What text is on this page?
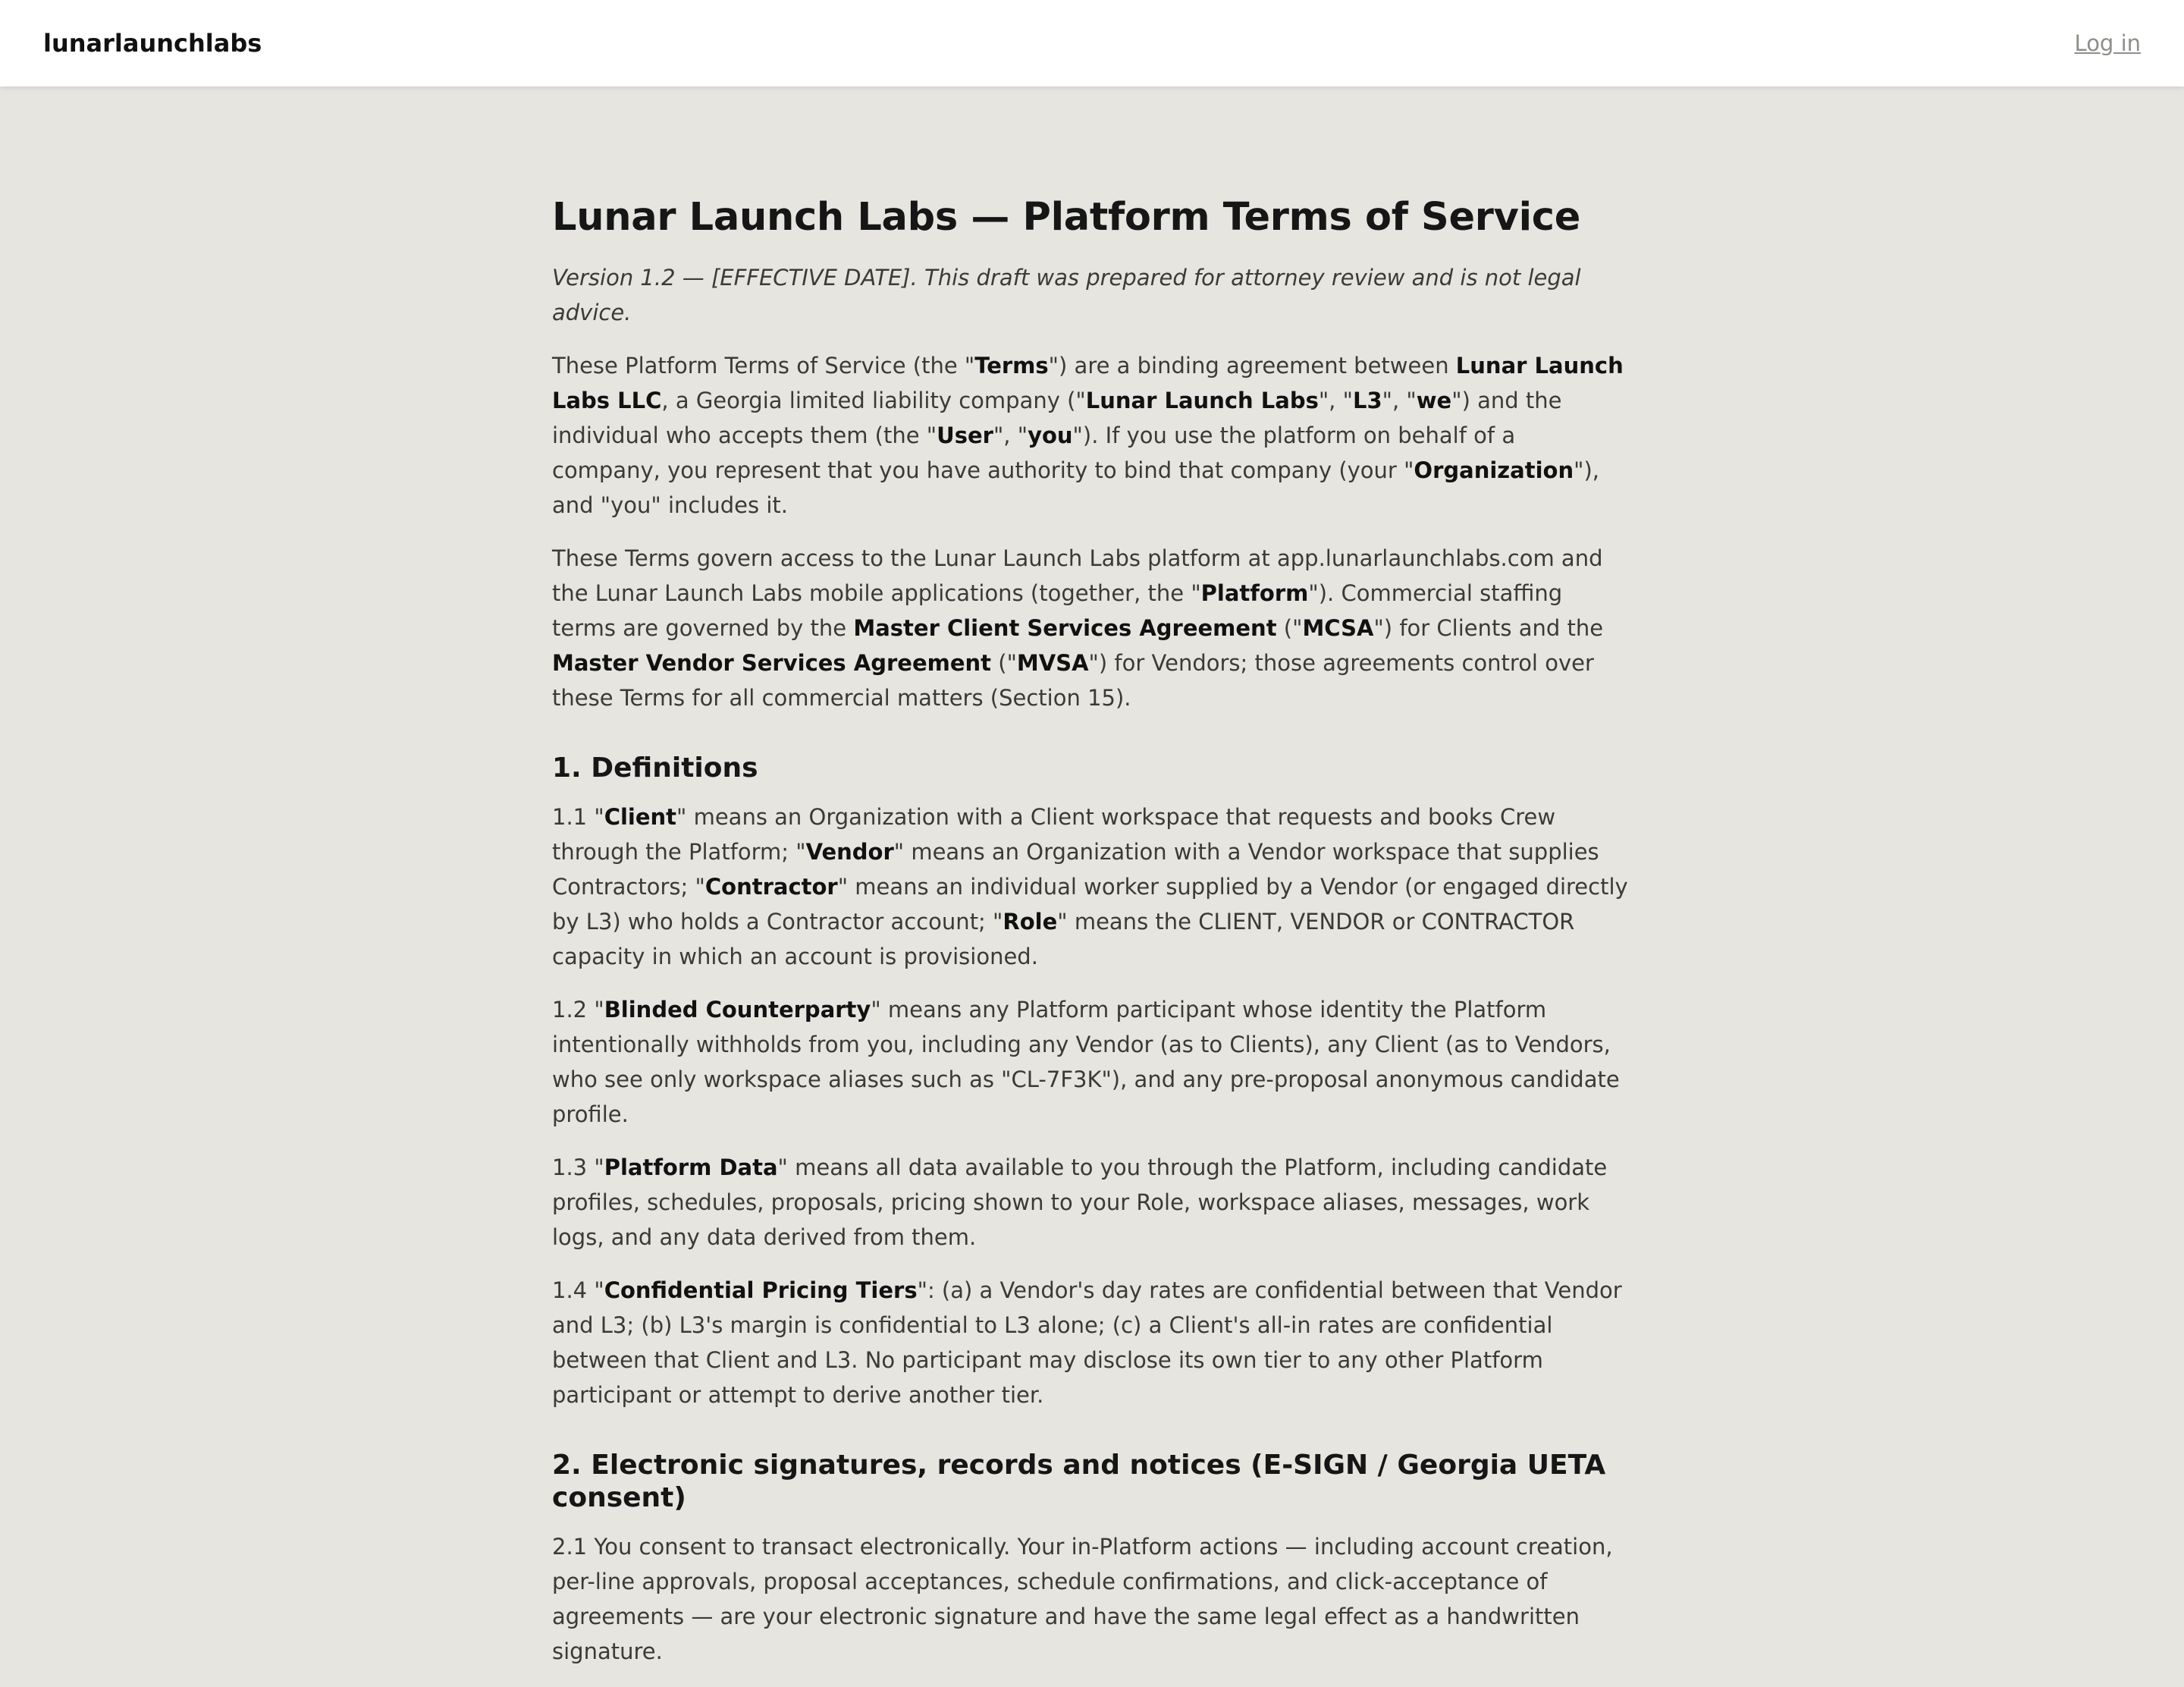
lunarlaunchlabs	Log in
Lunar Launch Labs — Platform Terms of Service

Version 1.2 — [EFFECTIVE DATE]. This draft was prepared for attorney review and is not legal advice.

These Platform Terms of Service (the "Terms") are a binding agreement between Lunar Launch Labs LLC, a Georgia limited liability company ("Lunar Launch Labs", "L3", "we") and the individual who accepts them (the "User", "you"). If you use the platform on behalf of a company, you represent that you have authority to bind that company (your "Organization"), and "you" includes it.

These Terms govern access to the Lunar Launch Labs platform at app.lunarlaunchlabs.com and the Lunar Launch Labs mobile applications (together, the "Platform"). Commercial staffing terms are governed by the Master Client Services Agreement ("MCSA") for Clients and the Master Vendor Services Agreement ("MVSA") for Vendors; those agreements control over these Terms for all commercial matters (Section 15).

1. Definitions

1.1 "Client" means an Organization with a Client workspace that requests and books Crew through the Platform; "Vendor" means an Organization with a Vendor workspace that supplies Contractors; "Contractor" means an individual worker supplied by a Vendor (or engaged directly by L3) who holds a Contractor account; "Role" means the CLIENT, VENDOR or CONTRACTOR capacity in which an account is provisioned.

1.2 "Blinded Counterparty" means any Platform participant whose identity the Platform intentionally withholds from you, including any Vendor (as to Clients), any Client (as to Vendors, who see only workspace aliases such as "CL-7F3K"), and any pre-proposal anonymous candidate profile.

1.3 "Platform Data" means all data available to you through the Platform, including candidate profiles, schedules, proposals, pricing shown to your Role, workspace aliases, messages, work logs, and any data derived from them.

1.4 "Confidential Pricing Tiers": (a) a Vendor's day rates are confidential between that Vendor and L3; (b) L3's margin is confidential to L3 alone; (c) a Client's all-in rates are confidential between that Client and L3. No participant may disclose its own tier to any other Platform participant or attempt to derive another tier.

2. Electronic signatures, records and notices (E-SIGN / Georgia UETA consent)

2.1 You consent to transact electronically. Your in-Platform actions — including account creation, per-line approvals, proposal acceptances, schedule confirmations, and click-acceptance of agreements — are your electronic signature and have the same legal effect as a handwritten signature.
